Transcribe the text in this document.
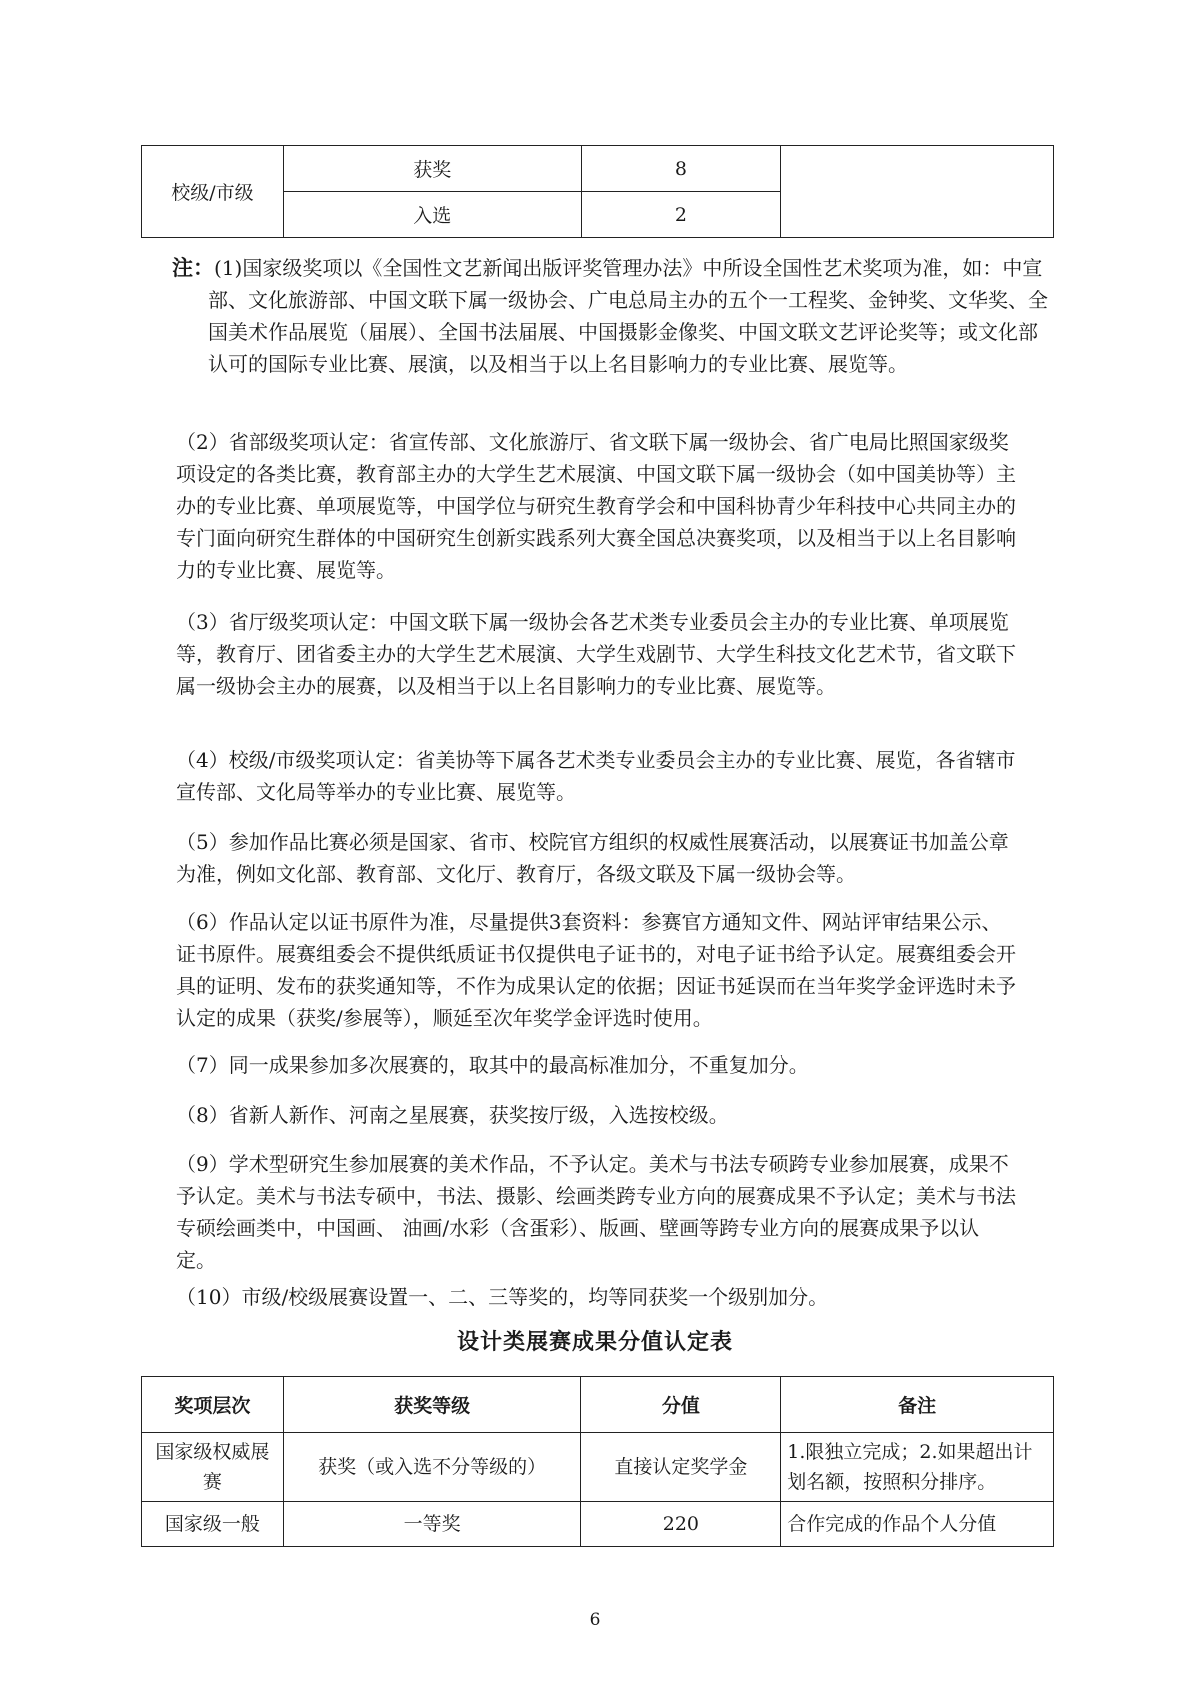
校级/市级	获奖	8	
	入选	2	

注：(1)国家级奖项以《全国性文艺新闻出版评奖管理办法》中所设全国性艺术奖项为准，如：中宣部、文化旅游部、中国文联下属一级协会、广电总局主办的五个一工程奖、金钟奖、文华奖、全国美术作品展览（届展）、全国书法届展、中国摄影金像奖、中国文联文艺评论奖等；或文化部认可的国际专业比赛、展演，以及相当于以上名目影响力的专业比赛、展览等。

（2）省部级奖项认定：省宣传部、文化旅游厅、省文联下属一级协会、省广电局比照国家级奖项设定的各类比赛，教育部主办的大学生艺术展演、中国文联下属一级协会（如中国美协等）主办的专业比赛、单项展览等，中国学位与研究生教育学会和中国科协青少年科技中心共同主办的专门面向研究生群体的中国研究生创新实践系列大赛全国总决赛奖项，以及相当于以上名目影响力的专业比赛、展览等。

（3）省厅级奖项认定：中国文联下属一级协会各艺术类专业委员会主办的专业比赛、单项展览等，教育厅、团省委主办的大学生艺术展演、大学生戏剧节、大学生科技文化艺术节，省文联下属一级协会主办的展赛，以及相当于以上名目影响力的专业比赛、展览等。

（4）校级/市级奖项认定：省美协等下属各艺术类专业委员会主办的专业比赛、展览，各省辖市宣传部、文化局等举办的专业比赛、展览等。

（5）参加作品比赛必须是国家、省市、校院官方组织的权威性展赛活动，以展赛证书加盖公章为准，例如文化部、教育部、文化厅、教育厅，各级文联及下属一级协会等。

（6）作品认定以证书原件为准，尽量提供3套资料：参赛官方通知文件、网站评审结果公示、证书原件。展赛组委会不提供纸质证书仅提供电子证书的，对电子证书给予认定。展赛组委会开具的证明、发布的获奖通知等，不作为成果认定的依据；因证书延误而在当年奖学金评选时未予认定的成果（获奖/参展等），顺延至次年奖学金评选时使用。

（7）同一成果参加多次展赛的，取其中的最高标准加分，不重复加分。

（8）省新人新作、河南之星展赛，获奖按厅级，入选按校级。

（9）学术型研究生参加展赛的美术作品，不予认定。美术与书法专硕跨专业参加展赛，成果不予认定。美术与书法专硕中，书法、摄影、绘画类跨专业方向的展赛成果不予认定；美术与书法专硕绘画类中，中国画、 油画/水彩（含蛋彩）、版画、壁画等跨专业方向的展赛成果予以认定。

（10）市级/校级展赛设置一、二、三等奖的，均等同获奖一个级别加分。

设计类展赛成果分值认定表
奖项层次	获奖等级	分值	备注
国家级权威展赛	获奖（或入选不分等级的）	直接认定奖学金	1.限独立完成；2.如果超出计划名额，按照积分排序。
国家级一般	一等奖	220	合作完成的作品个人分值
6
